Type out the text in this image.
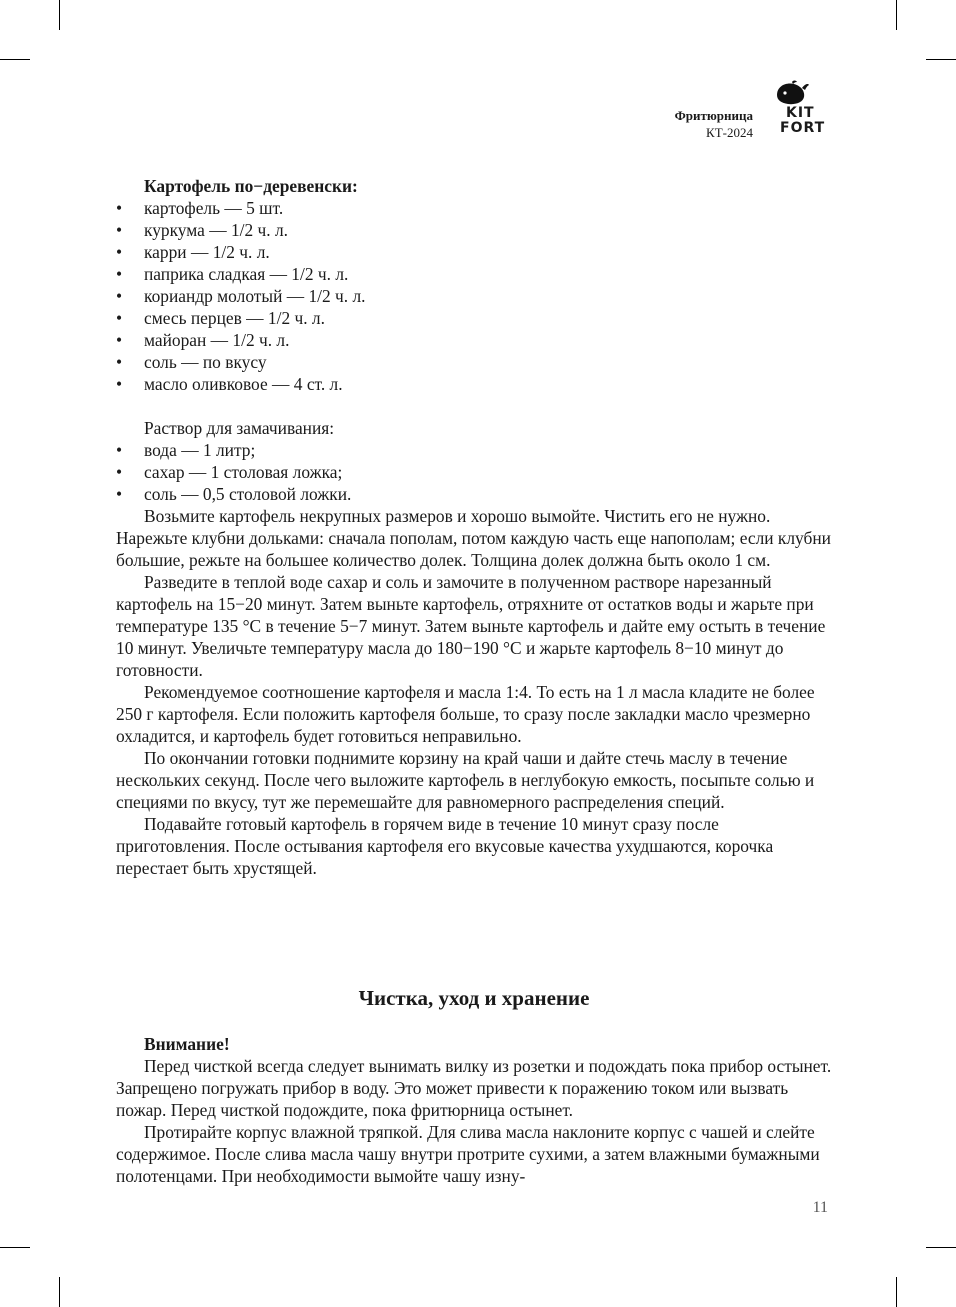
Фритюрница
КТ-2024
KIT
FORT

Картофель по−деревенски:

• картофель — 5 шт.
• куркума — 1/2 ч. л.
• карри — 1/2 ч. л.
• паприка сладкая — 1/2 ч. л.
• кориандр молотый — 1/2 ч. л.
• смесь перцев — 1/2 ч. л.
• майоран — 1/2 ч. л.
• соль — по вкусу
• масло оливковое — 4 ст. л.

Раствор для замачивания:

• вода — 1 литр;
• сахар — 1 столовая ложка;
• соль — 0,5 столовой ложки.

Возьмите картофель некрупных размеров и хорошо вымойте. Чистить его не нужно. Нарежьте клубни дольками: сначала пополам, потом каждую часть еще напополам; если клубни большие, режьте на большее количество долек. Толщина долек должна быть около 1 см.

Разведите в теплой воде сахар и соль и замочите в полученном растворе нарезанный картофель на 15−20 минут. Затем выньте картофель, отряхните от остатков воды и жарьте при температуре 135 °C в течение 5−7 минут. Затем выньте картофель и дайте ему остыть в течение 10 минут. Увеличьте температуру масла до 180−190 °C и жарьте картофель 8−10 минут до готовности.

Рекомендуемое соотношение картофеля и масла 1:4. То есть на 1 л масла кладите не более 250 г картофеля. Если положить картофеля больше, то сразу после закладки масло чрезмерно охладится, и картофель будет готовиться неправильно.

По окончании готовки поднимите корзину на край чаши и дайте стечь маслу в течение нескольких секунд. После чего выложите картофель в неглубокую емкость, посыпьте солью и специями по вкусу, тут же перемешайте для равномерного распределения специй.

Подавайте готовый картофель в горячем виде в течение 10 минут сразу после приготовления. После остывания картофеля его вкусовые качества ухудшаются, корочка перестает быть хрустящей.

Чистка, уход и хранение

Внимание!

Перед чисткой всегда следует вынимать вилку из розетки и подождать пока прибор остынет. Запрещено погружать прибор в воду. Это может привести к поражению током или вызвать пожар. Перед чисткой подождите, пока фритюрница остынет.

Протирайте корпус влажной тряпкой. Для слива масла наклоните корпус с чашей и слейте содержимое. После слива масла чашу внутри протрите сухими, а затем влажными бумажными полотенцами. При необходимости вымойте чашу изну-

11
